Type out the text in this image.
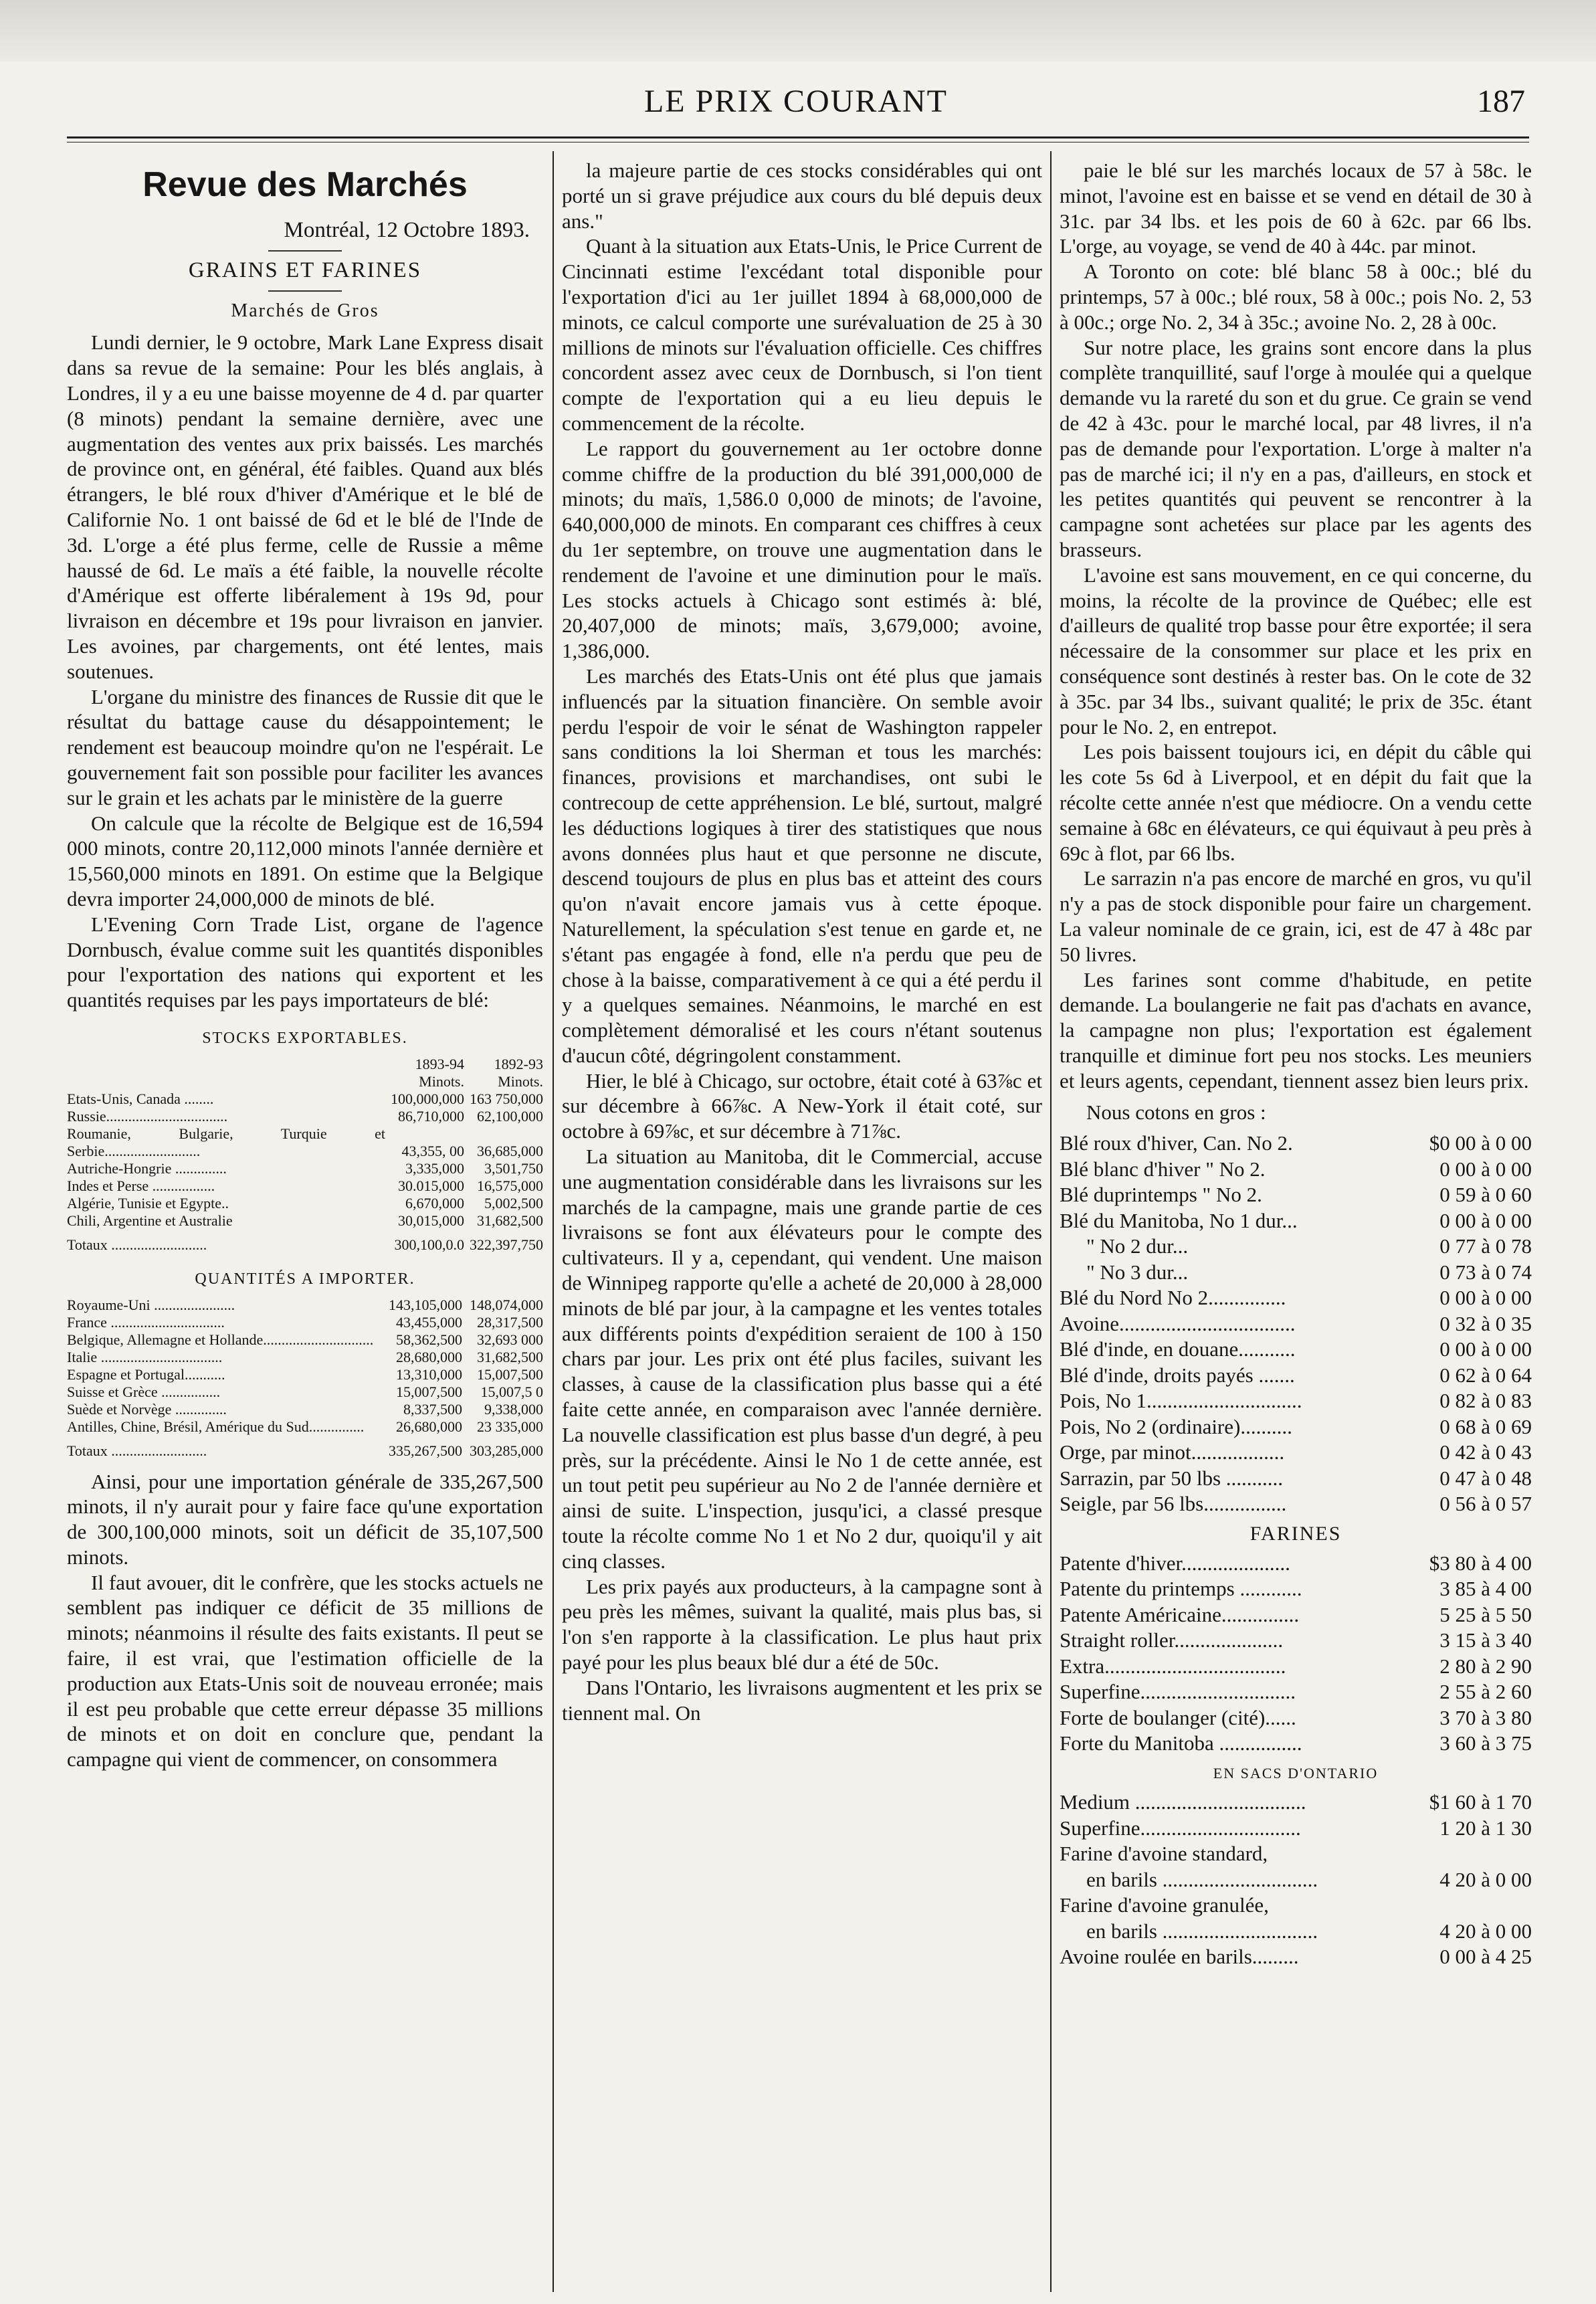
LE PRIX COURANT	187
Revue des Marchés
Montréal, 12 Octobre 1893.
GRAINS ET FARINES
Marchés de Gros

Lundi dernier, le 9 octobre, Mark Lane Express disait dans sa revue de la semaine: Pour les blés anglais, à Londres, il y a eu une baisse moyenne de 4 d. par quarter (8 minots) pendant la semaine dernière, avec une augmentation des ventes aux prix baissés. Les marchés de province ont, en général, été faibles. Quand aux blés étrangers, le blé roux d'hiver d'Amérique et le blé de Californie No. 1 ont baissé de 6d et le blé de l'Inde de 3d. L'orge a été plus ferme, celle de Russie a même haussé de 6d. Le maïs a été faible, la nouvelle récolte d'Amérique est offerte libéralement à 19s 9d, pour livraison en décembre et 19s pour livraison en janvier. Les avoines, par chargements, ont été lentes, mais soutenues.

L'organe du ministre des finances de Russie dit que le résultat du battage cause du désappointement; le rendement est beaucoup moindre qu'on ne l'espérait. Le gouvernement fait son possible pour faciliter les avances sur le grain et les achats par le ministère de la guerre

On calcule que la récolte de Belgique est de 16,594 000 minots, contre 20,112,000 minots l'année dernière et 15,560,000 minots en 1891. On estime que la Belgique devra importer 24,000,000 de minots de blé.

L'Evening Corn Trade List, organe de l'agence Dornbusch, évalue comme suit les quantités disponibles pour l'exportation des nations qui exportent et les quantités requises par les pays importateurs de blé:

STOCKS EXPORTABLES.
	1893-94	1892-93
	Minots.	Minots.
Etats-Unis, Canada ........	100,000,000	163 750,000
Russie.................................	86,710,000	62,100,000
Roumanie, Bulgarie, Turquie et Serbie..........................	43,355, 00	36,685,000
Autriche-Hongrie ..............	3,335,000	3,501,750
Indes et Perse .................	30.015,000	16,575,000
Algérie, Tunisie et Egypte..	6,670,000	5,002,500
Chili, Argentine et Australie	30,015,000	31,682,500
Totaux ..........................	300,100,0.0	322,397,750
QUANTITÉS A IMPORTER.
Royaume-Uni ......................	143,105,000	148,074,000
France ...............................	43,455,000	28,317,500
Belgique, Allemagne et Hollande..............................	58,362,500	32,693 000
Italie .................................	28,680,000	31,682,500
Espagne et Portugal...........	13,310,000	15,007,500
Suisse et Grèce ................	15,007,500	15,007,5 0
Suède et Norvège ..............	8,337,500	9,338,000
Antilles, Chine, Brésil, Amérique du Sud...............	26,680,000	23 335,000
Totaux ..........................	335,267,500	303,285,000

Ainsi, pour une importation générale de 335,267,500 minots, il n'y aurait pour y faire face qu'une exportation de 300,100,000 minots, soit un déficit de 35,107,500 minots.

Il faut avouer, dit le confrère, que les stocks actuels ne semblent pas indiquer ce déficit de 35 millions de minots; néanmoins il résulte des faits existants. Il peut se faire, il est vrai, que l'estimation officielle de la production aux Etats-Unis soit de nouveau erronée; mais il est peu probable que cette erreur dépasse 35 millions de minots et on doit en conclure que, pendant la campagne qui vient de commencer, on consommera

la majeure partie de ces stocks considérables qui ont porté un si grave préjudice aux cours du blé depuis deux ans."

Quant à la situation aux Etats-Unis, le Price Current de Cincinnati estime l'excédant total disponible pour l'exportation d'ici au 1er juillet 1894 à 68,000,000 de minots, ce calcul comporte une surévaluation de 25 à 30 millions de minots sur l'évaluation officielle. Ces chiffres concordent assez avec ceux de Dornbusch, si l'on tient compte de l'exportation qui a eu lieu depuis le commencement de la récolte.

Le rapport du gouvernement au 1er octobre donne comme chiffre de la production du blé 391,000,000 de minots; du maïs, 1,586.0 0,000 de minots; de l'avoine, 640,000,000 de minots. En comparant ces chiffres à ceux du 1er septembre, on trouve une augmentation dans le rendement de l'avoine et une diminution pour le maïs. Les stocks actuels à Chicago sont estimés à: blé, 20,407,000 de minots; maïs, 3,679,000; avoine, 1,386,000.

Les marchés des Etats-Unis ont été plus que jamais influencés par la situation financière. On semble avoir perdu l'espoir de voir le sénat de Washington rappeler sans conditions la loi Sherman et tous les marchés: finances, provisions et marchandises, ont subi le contrecoup de cette appréhension. Le blé, surtout, malgré les déductions logiques à tirer des statistiques que nous avons données plus haut et que personne ne discute, descend toujours de plus en plus bas et atteint des cours qu'on n'avait encore jamais vus à cette époque. Naturellement, la spéculation s'est tenue en garde et, ne s'étant pas engagée à fond, elle n'a perdu que peu de chose à la baisse, comparativement à ce qui a été perdu il y a quelques semaines. Néanmoins, le marché en est complètement démoralisé et les cours n'étant soutenus d'aucun côté, dégringolent constamment.

Hier, le blé à Chicago, sur octobre, était coté à 63⅞c et sur décembre à 66⅞c. A New-York il était coté, sur octobre à 69⅞c, et sur décembre à 71⅞c.

La situation au Manitoba, dit le Commercial, accuse une augmentation considérable dans les livraisons sur les marchés de la campagne, mais une grande partie de ces livraisons se font aux élévateurs pour le compte des cultivateurs. Il y a, cependant, qui vendent. Une maison de Winnipeg rapporte qu'elle a acheté de 20,000 à 28,000 minots de blé par jour, à la campagne et les ventes totales aux différents points d'expédition seraient de 100 à 150 chars par jour. Les prix ont été plus faciles, suivant les classes, à cause de la classification plus basse qui a été faite cette année, en comparaison avec l'année dernière. La nouvelle classification est plus basse d'un degré, à peu près, sur la précédente. Ainsi le No 1 de cette année, est un tout petit peu supérieur au No 2 de l'année dernière et ainsi de suite. L'inspection, jusqu'ici, a classé presque toute la récolte comme No 1 et No 2 dur, quoiqu'il y ait cinq classes.

Les prix payés aux producteurs, à la campagne sont à peu près les mêmes, suivant la qualité, mais plus bas, si l'on s'en rapporte à la classification. Le plus haut prix payé pour les plus beaux blé dur a été de 50c.

Dans l'Ontario, les livraisons augmentent et les prix se tiennent mal. On

paie le blé sur les marchés locaux de 57 à 58c. le minot, l'avoine est en baisse et se vend en détail de 30 à 31c. par 34 lbs. et les pois de 60 à 62c. par 66 lbs. L'orge, au voyage, se vend de 40 à 44c. par minot.

A Toronto on cote: blé blanc 58 à 00c.; blé du printemps, 57 à 00c.; blé roux, 58 à 00c.; pois No. 2, 53 à 00c.; orge No. 2, 34 à 35c.; avoine No. 2, 28 à 00c.

Sur notre place, les grains sont encore dans la plus complète tranquillité, sauf l'orge à moulée qui a quelque demande vu la rareté du son et du grue. Ce grain se vend de 42 à 43c. pour le marché local, par 48 livres, il n'a pas de demande pour l'exportation. L'orge à malter n'a pas de marché ici; il n'y en a pas, d'ailleurs, en stock et les petites quantités qui peuvent se rencontrer à la campagne sont achetées sur place par les agents des brasseurs.

L'avoine est sans mouvement, en ce qui concerne, du moins, la récolte de la province de Québec; elle est d'ailleurs de qualité trop basse pour être exportée; il sera nécessaire de la consommer sur place et les prix en conséquence sont destinés à rester bas. On le cote de 32 à 35c. par 34 lbs., suivant qualité; le prix de 35c. étant pour le No. 2, en entrepot.

Les pois baissent toujours ici, en dépit du câble qui les cote 5s 6d à Liverpool, et en dépit du fait que la récolte cette année n'est que médiocre. On a vendu cette semaine à 68c en élévateurs, ce qui équivaut à peu près à 69c à flot, par 66 lbs.

Le sarrazin n'a pas encore de marché en gros, vu qu'il n'y a pas de stock disponible pour faire un chargement. La valeur nominale de ce grain, ici, est de 47 à 48c par 50 livres.

Les farines sont comme d'habitude, en petite demande. La boulangerie ne fait pas d'achats en avance, la campagne non plus; l'exportation est également tranquille et diminue fort peu nos stocks. Les meuniers et leurs agents, cependant, tiennent assez bien leurs prix.

Nous cotons en gros :
Blé roux d'hiver, Can. No 2.	$0 00 à 0 00
Blé blanc d'hiver " No 2.	0 00 à 0 00
Blé duprintemps " No 2.	0 59 à 0 60
Blé du Manitoba, No 1 dur...	0 00 à 0 00
" No 2 dur...	0 77 à 0 78
" No 3 dur...	0 73 à 0 74
Blé du Nord No 2...............	0 00 à 0 00
Avoine..................................	0 32 à 0 35
Blé d'inde, en douane...........	0 00 à 0 00
Blé d'inde, droits payés .......	0 62 à 0 64
Pois, No 1..............................	0 82 à 0 83
Pois, No 2 (ordinaire)..........	0 68 à 0 69
Orge, par minot..................	0 42 à 0 43
Sarrazin, par 50 lbs ...........	0 47 à 0 48
Seigle, par 56 lbs................	0 56 à 0 57
FARINES
Patente d'hiver.....................	$3 80 à 4 00
Patente du printemps ............	3 85 à 4 00
Patente Américaine...............	5 25 à 5 50
Straight roller.....................	3 15 à 3 40
Extra...................................	2 80 à 2 90
Superfine..............................	2 55 à 2 60
Forte de boulanger (cité)......	3 70 à 3 80
Forte du Manitoba ................	3 60 à 3 75
EN SACS D'ONTARIO
Medium .................................	$1 60 à 1 70
Superfine...............................	1 20 à 1 30
Farine d'avoine standard,
en barils ..............................	4 20 à 0 00
Farine d'avoine granulée,
en barils ..............................	4 20 à 0 00
Avoine roulée en barils.........	0 00 à 4 25
